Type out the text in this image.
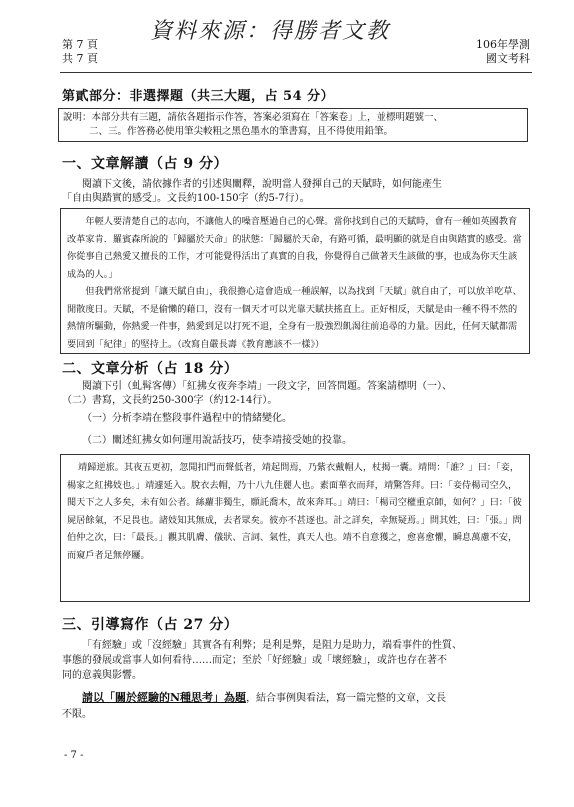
資料來源：得勝者文教
第 7 頁
共 7 頁
106年學測
國文考科
第貳部分：非選擇題（共三大題，占 54 分）
說明：本部分共有三題，請依各題指示作答，答案必須寫在「答案卷」上，並標明題號一、
二、三。作答務必使用筆尖較粗之黑色墨水的筆書寫，且不得使用鉛筆。
一、文章解讀（占 9 分）
閱讀下文後，請依據作者的引述與闡釋，說明當人發揮自己的天賦時，如何能產生
「自由與踏實的感受」。文長約100-150字（約5-7行）。

年輕人要清楚自己的志向，不讓他人的噪音壓過自己的心聲。當你找到自己的天賦時，會有一種如英國教育改革家肯．羅賓森所說的「歸屬於天命」的狀態：「歸屬於天命，有路可循，最明顯的就是自由與踏實的感受。當你從事自己熱愛又擅長的工作，才可能覺得活出了真實的自我，你覺得自己做著天生該做的事，也成為你天生該成為的人。」

但我們常常提到「讓天賦自由」，我很擔心這會造成一種誤解，以為找到「天賦」就自由了，可以放羊吃草、閒散度日。天賦，不是偷懶的藉口，沒有一個天才可以光靠天賦扶搖直上。正好相反，天賦是由一種不得不然的熱情所驅動，你熱愛一件事，熱愛到足以打死不退，全身有一股強烈飢渴往前追尋的力量。因此，任何天賦都需要回到「紀律」的堅持上。（改寫自嚴長壽《教育應該不一樣》）

二、文章分析（占 18 分）
閱讀下引（虬髯客傳）「紅拂女夜奔李靖」一段文字，回答問題。答案請標明（一）、
（二）書寫，文長約250-300字（約12-14行）。
（一）分析李靖在整段事件過程中的情緒變化。
（二）闡述紅拂女如何運用說話技巧，使李靖接受她的投靠。

靖歸逆旅。其夜五更初，忽聞扣門而聲低者，靖起問焉，乃紫衣戴帽人，杖揭一囊。靖問：「誰？」曰：「妾，楊家之紅拂妓也。」靖遽延入。脫衣去帽，乃十八九佳麗人也。素面華衣而拜，靖驚答拜。曰：「妾侍楊司空久，閱天下之人多矣，未有如公者。絲蘿非獨生，願託喬木，故來奔耳。」靖曰：「楊司空權重京師，如何？」曰：「彼屍居餘氣，不足畏也。諸妓知其無成，去者眾矣。彼亦不甚逐也。計之詳矣，幸無疑焉。」問其姓，曰：「張。」問伯仲之次，曰：「最長。」觀其肌膚、儀狀、言詞、氣性，真天人也。靖不自意獲之，愈喜愈懼，瞬息萬慮不安，而窺戶者足無停屨。

三、引導寫作（占 27 分）
「有經驗」或「沒經驗」其實各有利弊；是利是弊，是阻力是助力，端看事件的性質、
事態的發展或當事人如何看待……而定；至於「好經驗」或「壞經驗」，或許也存在著不
同的意義與影響。
請以「關於經驗的N種思考」為題，結合事例與看法，寫一篇完整的文章，文長
不限。
- 7 -
